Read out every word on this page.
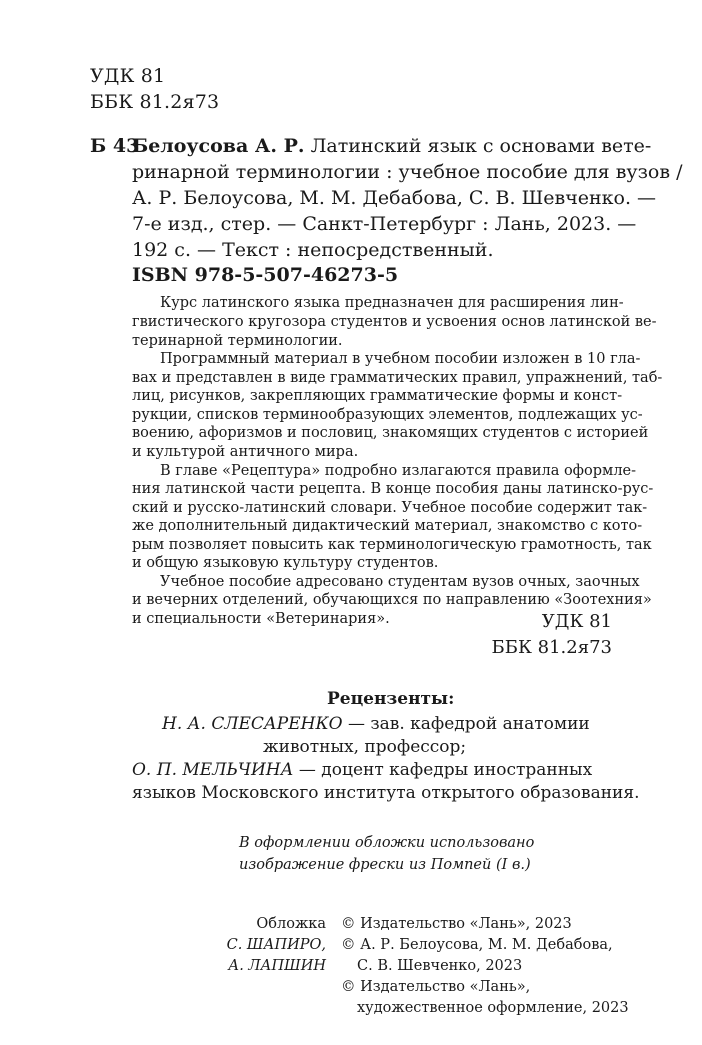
УДК 81
ББК 81.2я73
Б 43
Белоусова А. Р. Латинский язык с основами вете-
ринарной терминологии : учебное пособие для вузов /
А. Р. Белоусова, М. М. Дебабова, С. В. Шевченко. —
7-е изд., стер. — Санкт-Петербург : Лань, 2023. —
192 с. — Текст : непосредственный.
ISBN 978-5-507-46273-5
Курс латинского языка предназначен для расширения лин-
гвистического кругозора студентов и усвоения основ латинской ве-
теринарной терминологии.
Программный материал в учебном пособии изложен в 10 гла-
вах и представлен в виде грамматических правил, упражнений, таб-
лиц, рисунков, закрепляющих грамматические формы и конст-
рукции, списков терминообразующих элементов, подлежащих ус-
воению, афоризмов и пословиц, знакомящих студентов с историей
и культурой античного мира.
В главе «Рецептура» подробно излагаются правила оформле-
ния латинской части рецепта. В конце пособия даны латинско-рус-
ский и русско-латинский словари. Учебное пособие содержит так-
же дополнительный дидактический материал, знакомство с кото-
рым позволяет повысить как терминологическую грамотность, так
и общую языковую культуру студентов.
Учебное пособие адресовано студентам вузов очных, заочных
и вечерних отделений, обучающихся по направлению «Зоотехния»
и специальности «Ветеринария».	УДК 81
ББК 81.2я73
Рецензенты:
Н. А. СЛЕСАРЕНКО — зав. кафедрой анатомии
животных, профессор;
О. П. МЕЛЬЧИНА — доцент кафедры иностранных
языков Московского института открытого образования.
В оформлении обложки использовано
изображение фрески из Помпей (I в.)
Обложка
С. ШАПИРО,
А. ЛАПШИН
© Издательство «Лань», 2023
© А. Р. Белоусова, М. М. Дебабова,
С. В. Шевченко, 2023
© Издательство «Лань»,
художественное оформление, 2023
